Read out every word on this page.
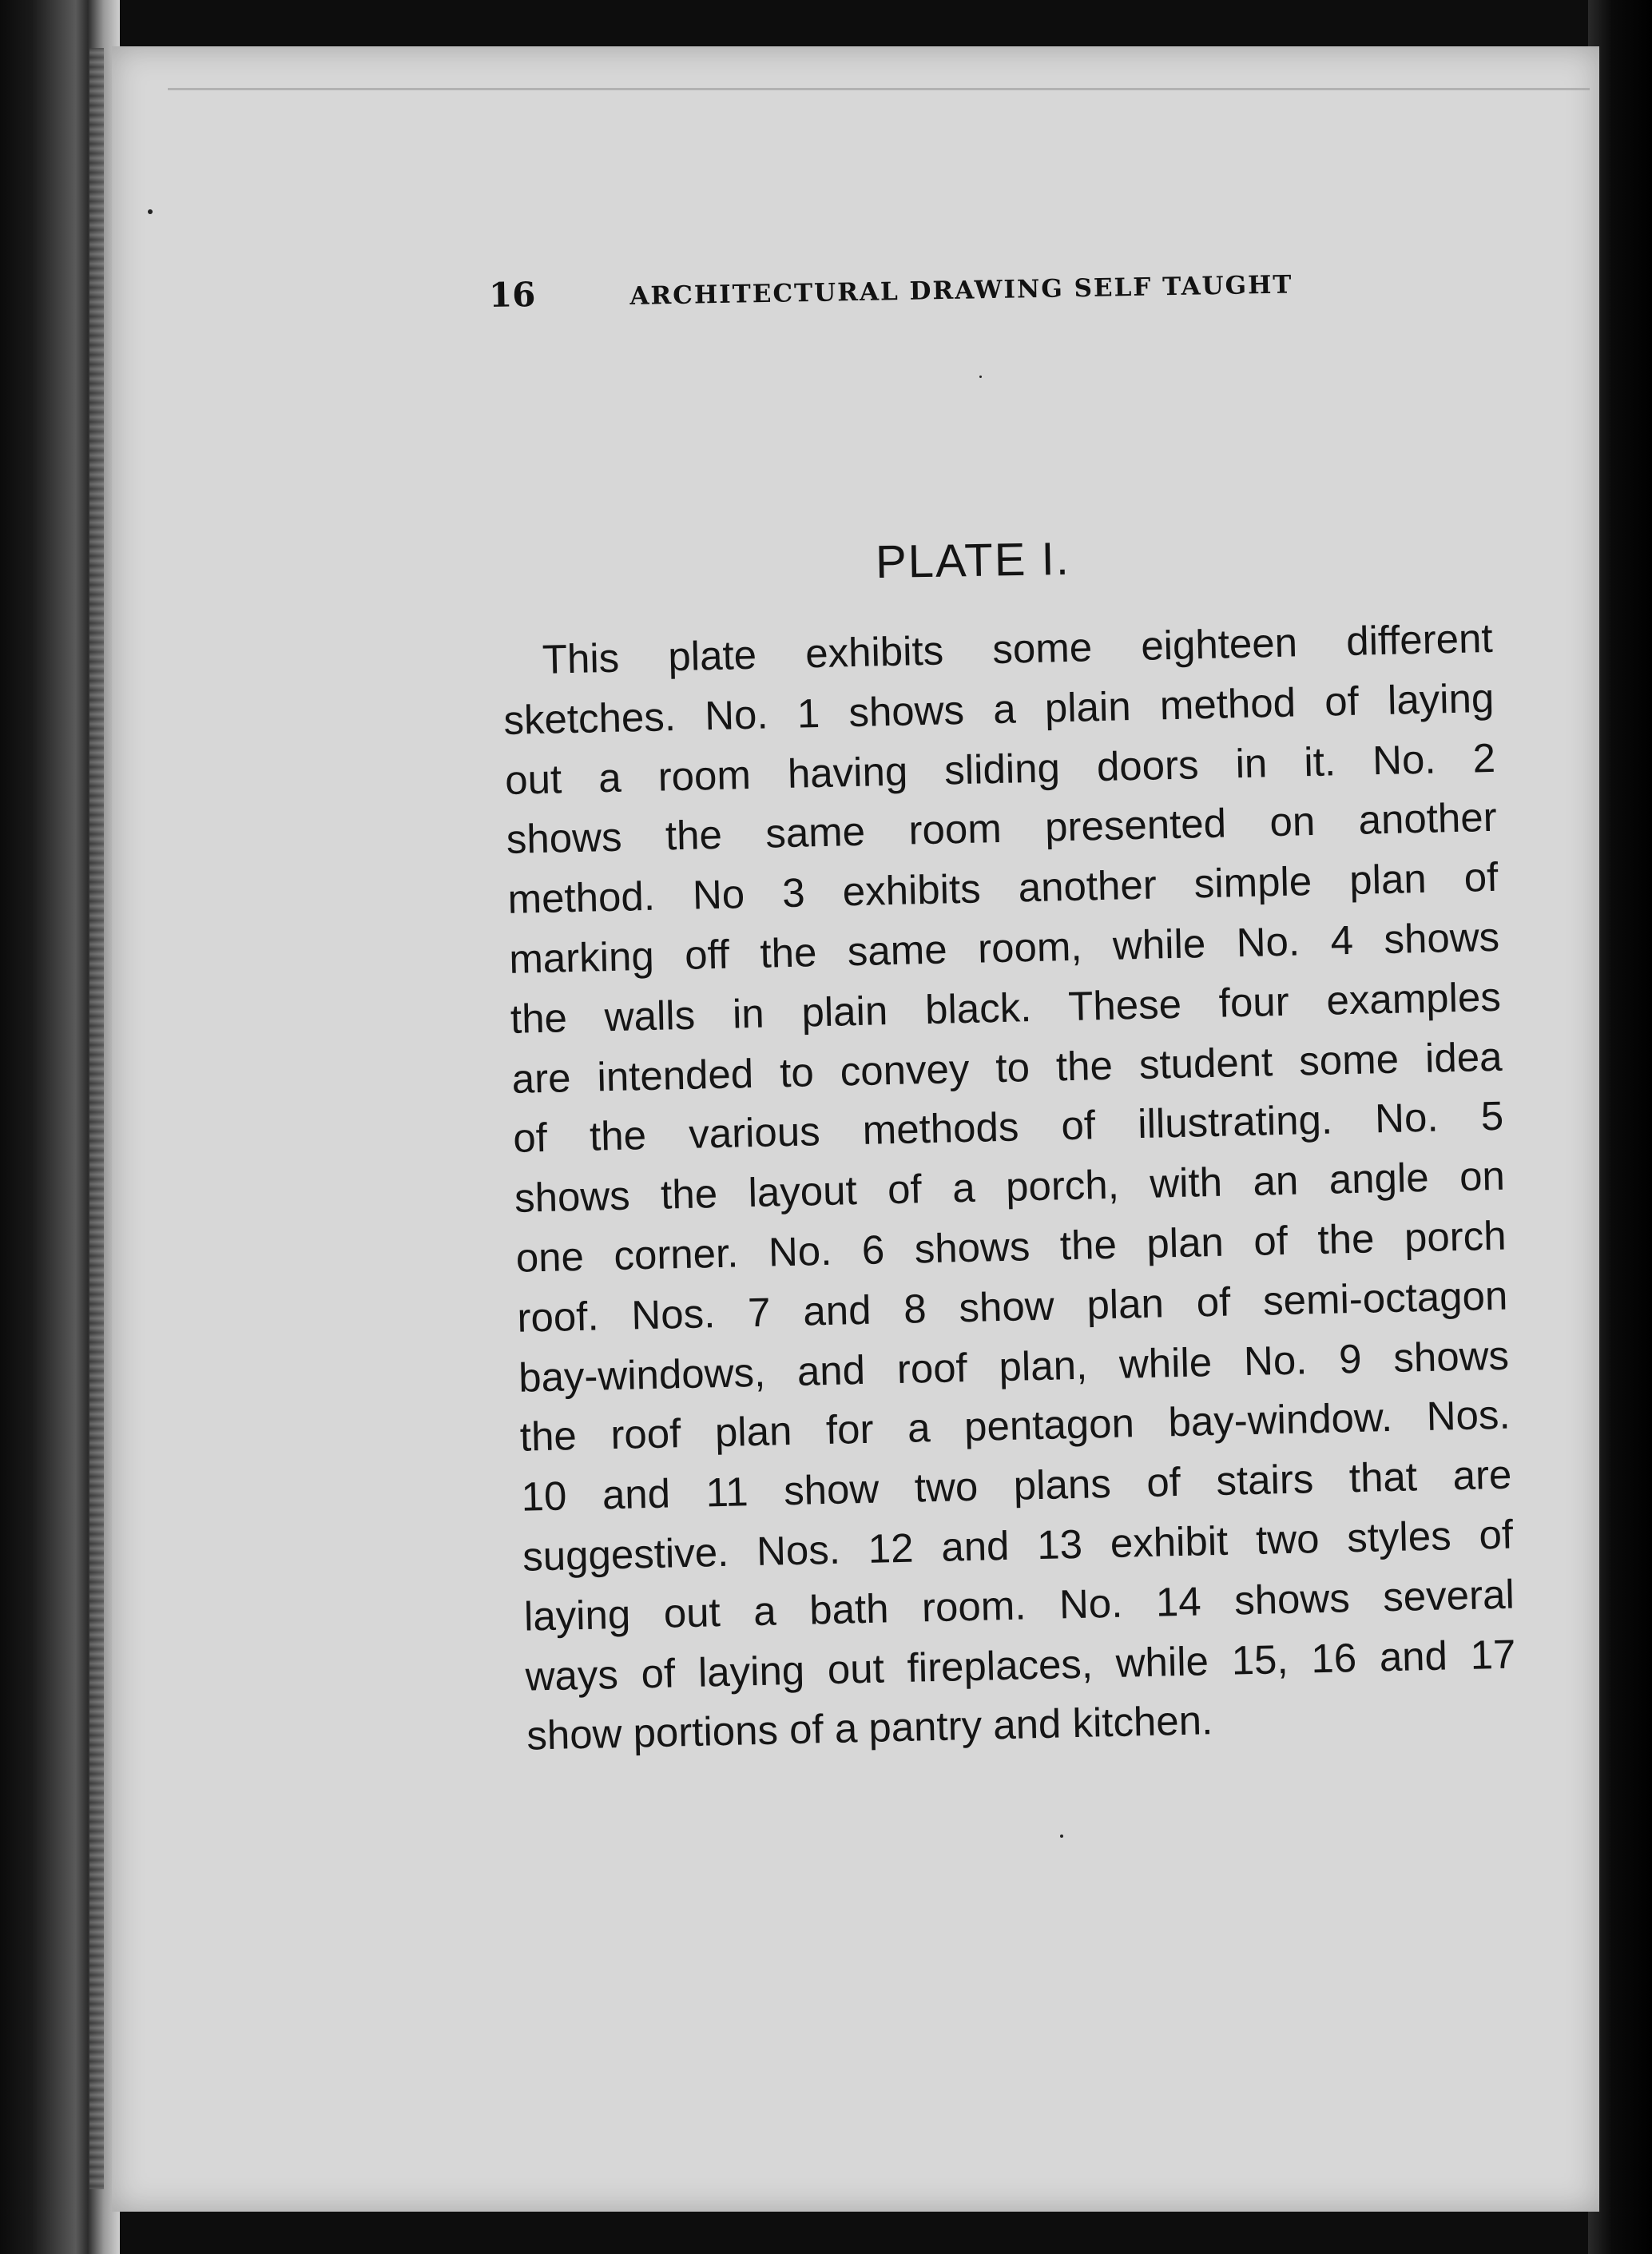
16	ARCHITECTURAL DRAWING SELF TAUGHT
PLATE I.
This plate exhibits some eighteen different
sketches. No. 1 shows a plain method of laying
out a room having sliding doors in it. No. 2
shows the same room presented on another
method. No 3 exhibits another simple plan of
marking off the same room, while No. 4 shows
the walls in plain black. These four examples
are intended to convey to the student some idea
of the various methods of illustrating. No. 5
shows the layout of a porch, with an angle on
one corner. No. 6 shows the plan of the porch
roof. Nos. 7 and 8 show plan of semi-octagon
bay-windows, and roof plan, while No. 9 shows
the roof plan for a pentagon bay-window. Nos.
10 and 11 show two plans of stairs that are
suggestive. Nos. 12 and 13 exhibit two styles of
laying out a bath room. No. 14 shows several
ways of laying out fireplaces, while 15, 16 and 17
show portions of a pantry and kitchen.
